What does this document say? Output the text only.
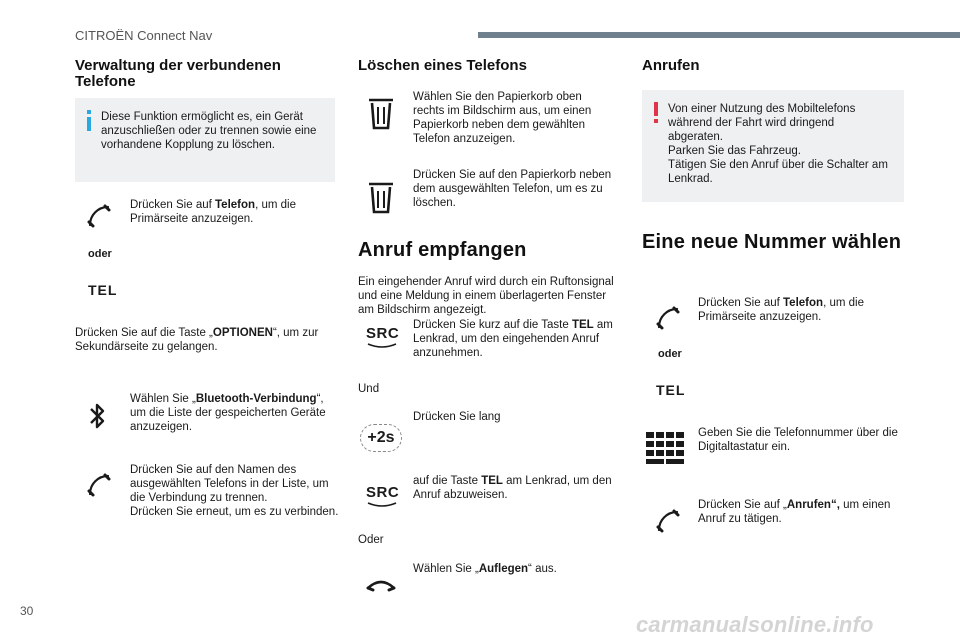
CITROËN Connect Nav
Verwaltung der verbundenen Telefone
Diese Funktion ermöglicht es, ein Gerät anzuschließen oder zu trennen sowie eine vorhandene Kopplung zu löschen.
Drücken Sie auf Telefon, um die Primärseite anzuzeigen.
oder
TEL
Drücken Sie auf die Taste „OPTIONEN“, um zur Sekundärseite zu gelangen.
Wählen Sie „Bluetooth-Verbindung“, um die Liste der gespeicherten Geräte anzuzeigen.
Drücken Sie auf den Namen des ausgewählten Telefons in der Liste, um die Verbindung zu trennen.
Drücken Sie erneut, um es zu verbinden.
Löschen eines Telefons
Wählen Sie den Papierkorb oben rechts im Bildschirm aus, um einen Papierkorb neben dem gewählten Telefon anzuzeigen.
Drücken Sie auf den Papierkorb neben dem ausgewählten Telefon, um es zu löschen.
Anruf empfangen
Ein eingehender Anruf wird durch ein Ruftonsignal und eine Meldung in einem überlagerten Fenster am Bildschirm angezeigt.
SRC Drücken Sie kurz auf die Taste TEL am Lenkrad, um den eingehenden Anruf anzunehmen.
Und
+2s
Drücken Sie lang
SRC
auf die Taste TEL am Lenkrad, um den Anruf abzuweisen.
Oder
Wählen Sie „Auflegen“ aus.
Anrufen
Von einer Nutzung des Mobiltelefons während der Fahrt wird dringend abgeraten.
Parken Sie das Fahrzeug.
Tätigen Sie den Anruf über die Schalter am Lenkrad.
Eine neue Nummer wählen
Drücken Sie auf Telefon, um die Primärseite anzuzeigen.
oder
TEL
Geben Sie die Telefonnummer über die Digitaltastatur ein.
Drücken Sie auf „Anrufen“, um einen Anruf zu tätigen.
30
carmanualsonline.info
